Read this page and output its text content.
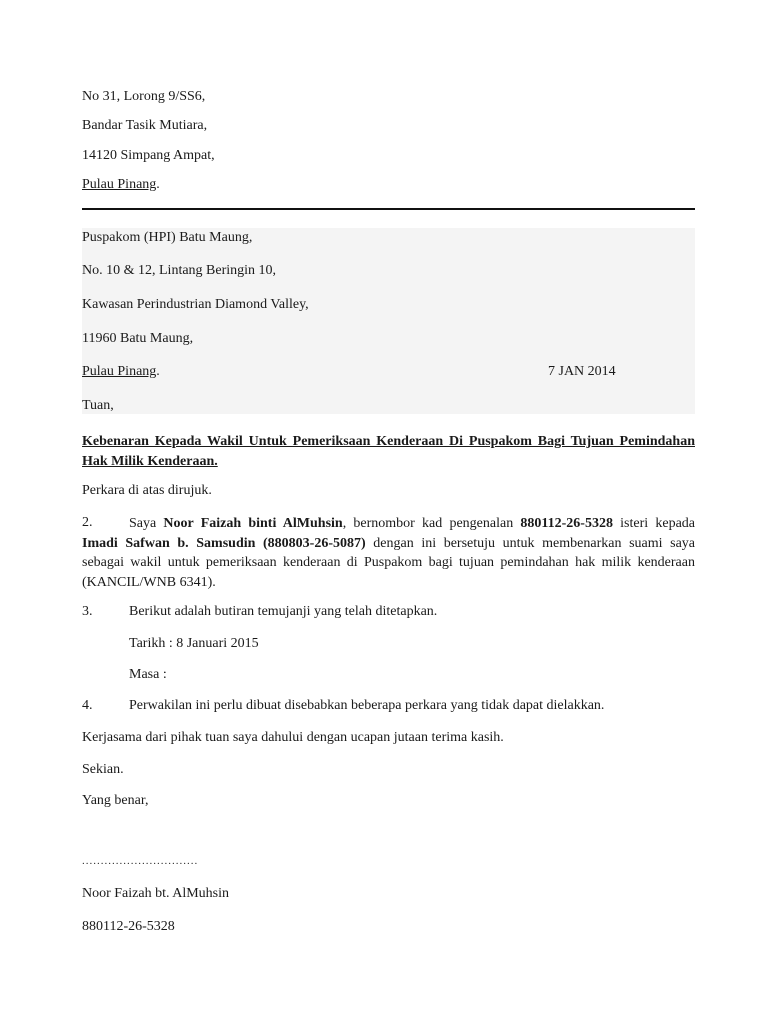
No 31, Lorong 9/SS6,
Bandar Tasik Mutiara,
14120 Simpang Ampat,
Pulau Pinang.
Puspakom (HPI) Batu Maung,
No. 10 & 12, Lintang Beringin 10,
Kawasan Perindustrian Diamond Valley,
11960 Batu Maung,
Pulau Pinang.	7 JAN 2014
Tuan,
Kebenaran Kepada Wakil Untuk Pemeriksaan Kenderaan Di Puspakom Bagi Tujuan Pemindahan Hak Milik Kenderaan.
Perkara di atas dirujuk.
2.	Saya Noor Faizah binti AlMuhsin, bernombor kad pengenalan 880112-26-5328 isteri kepada Imadi Safwan b. Samsudin (880803-26-5087) dengan ini bersetuju untuk membenarkan suami saya sebagai wakil untuk pemeriksaan kenderaan di Puspakom bagi tujuan pemindahan hak milik kenderaan (KANCIL/WNB 6341).
3.	Berikut adalah butiran temujanji yang telah ditetapkan.
Tarikh : 8 Januari 2015
Masa :
4.	Perwakilan ini perlu dibuat disebabkan beberapa perkara yang tidak dapat dielakkan.
Kerjasama dari pihak tuan saya dahului dengan ucapan jutaan terima kasih.
Sekian.
Yang benar,
...............................
Noor Faizah bt. AlMuhsin
880112-26-5328
